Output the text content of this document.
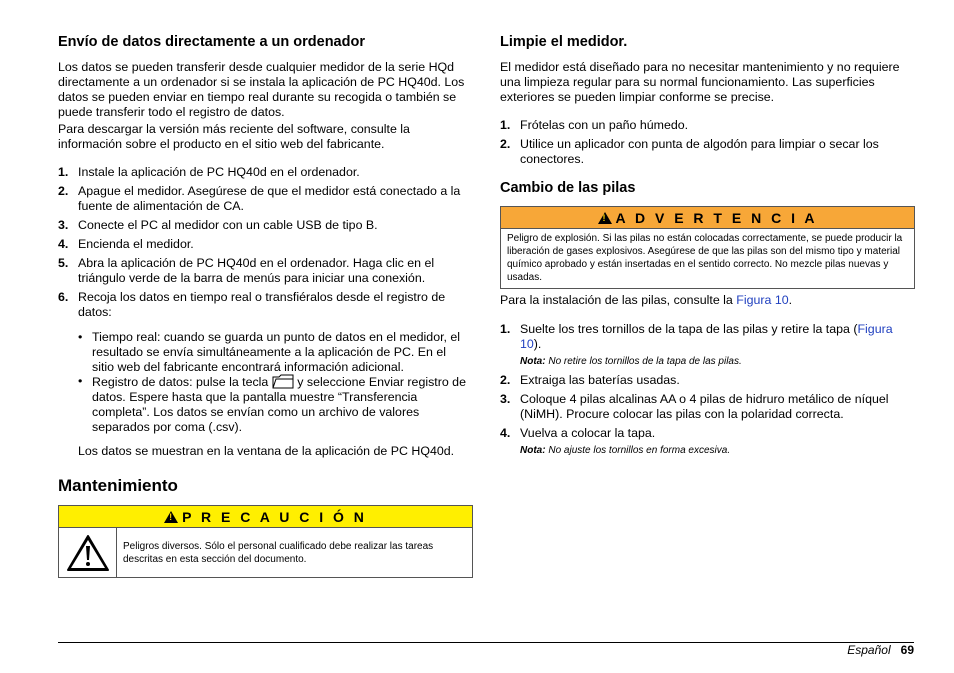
Envío de datos directamente a un ordenador

Los datos se pueden transferir desde cualquier medidor de la serie HQd directamente a un ordenador si se instala la aplicación de PC HQ40d. Los datos se pueden enviar en tiempo real durante su recogida o también se puede transferir todo el registro de datos.

Para descargar la versión más reciente del software, consulte la información sobre el producto en el sitio web del fabricante.

1. Instale la aplicación de PC HQ40d en el ordenador.
2. Apague el medidor. Asegúrese de que el medidor está conectado a la fuente de alimentación de CA.
3. Conecte el PC al medidor con un cable USB de tipo B.
4. Encienda el medidor.
5. Abra la aplicación de PC HQ40d en el ordenador. Haga clic en el triángulo verde de la barra de menús para iniciar una conexión.
6. Recoja los datos en tiempo real o transfiéralos desde el registro de datos:
• Tiempo real: cuando se guarda un punto de datos en el medidor, el resultado se envía simultáneamente a la aplicación de PC. En el sitio web del fabricante encontrará información adicional.
• Registro de datos: pulse la tecla y seleccione Enviar registro de datos. Espere hasta que la pantalla muestre “Transferencia completa”. Los datos se envían como un archivo de valores separados por coma (.csv).

Los datos se muestran en la ventana de la aplicación de PC HQ40d.

Mantenimiento
!
P R E C A U C I Ó N
Peligros diversos. Sólo el personal cualificado debe realizar las tareas descritas en esta sección del documento.
Limpie el medidor.

El medidor está diseñado para no necesitar mantenimiento y no requiere una limpieza regular para su normal funcionamiento. Las superficies exteriores se pueden limpiar conforme se precise.

1. Frótelas con un paño húmedo.
2. Utilice un aplicador con punta de algodón para limpiar o secar los conectores.
Cambio de las pilas
!
A D V E R T E N C I A
Peligro de explosión. Si las pilas no están colocadas correctamente, se puede producir la liberación de gases explosivos. Asegúrese de que las pilas son del mismo tipo y material químico aprobado y están insertadas en el sentido correcto. No mezcle pilas nuevas y usadas.

Para la instalación de las pilas, consulte la Figura 10.

1. Suelte los tres tornillos de la tapa de las pilas y retire la tapa (Figura 10).
Nota: No retire los tornillos de la tapa de las pilas.
2. Extraiga las baterías usadas.
3. Coloque 4 pilas alcalinas AA o 4 pilas de hidruro metálico de níquel (NiMH). Procure colocar las pilas con la polaridad correcta.
4. Vuelva a colocar la tapa.
Nota: No ajuste los tornillos en forma excesiva.
Español 69
